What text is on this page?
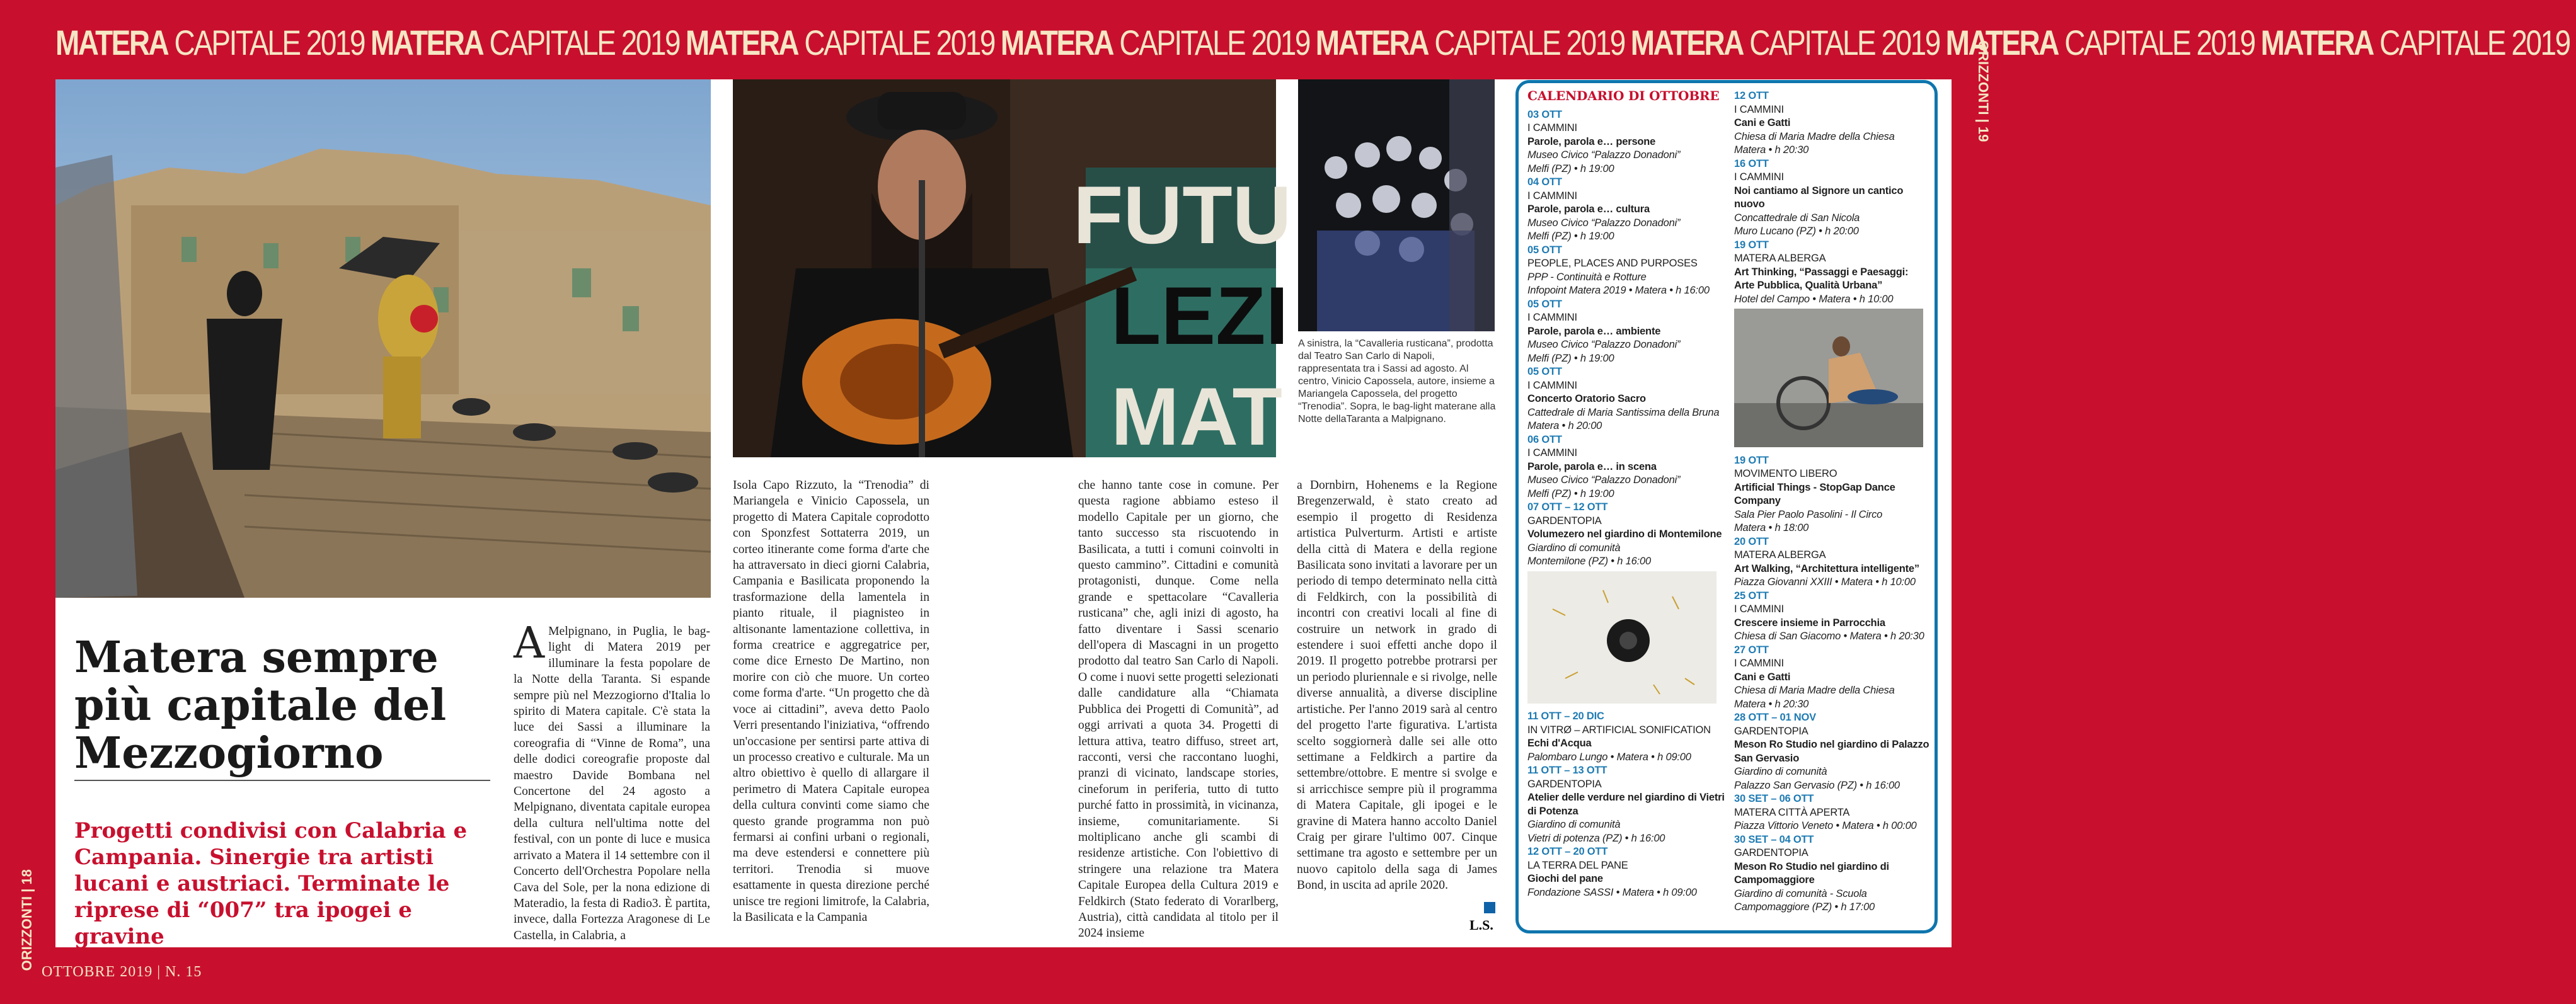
MATERA CAPITALE 2019 MATERA CAPITALE 2019 MATERA CAPITALE 2019 MATERA CAPITALE 2019 MATERA CAPITALE 2019 MATERA CAPITALE 2019 MATERA CAPITALE 2019 MATERA CAPITALE 2019
ORIZZONTI | 18
ORIZZONTI | 19
OTTOBRE 2019 | N. 15
FUTU
LEZI
MAT
A sinistra, la “Cavalleria rusticana”, prodotta dal Teatro San Carlo di Napoli, rappresentata tra i Sassi ad agosto. Al centro, Vinicio Capossela, autore, insieme a Mariangela Capossela, del progetto “Trenodia”. Sopra, le bag-light materane alla Notte dellaTaranta a Malpignano.
Matera sempre più capitale del Mezzogiorno
Progetti condivisi con Calabria e Campania. Sinergie tra artisti lucani e austriaci. Terminate le riprese di “007” tra ipogei e gravine
A Melpignano, in Puglia, le bag-light di Matera 2019 per illuminare la festa popolare de la Notte della Taranta. Si espande sempre più nel Mezzogiorno d'Italia lo spirito di Matera capitale. C'è stata la luce dei Sassi a illuminare la coreografia di “Vinne de Roma”, una delle dodici coreografie proposte dal maestro Davide Bombana nel Concertone del 24 agosto a Melpignano, diventata capitale europea della cultura nell'ultima notte del festival, con un ponte di luce e musica arrivato a Matera il 14 settembre con il Concerto dell'Orchestra Popolare nella Cava del Sole, per la nona edizione di Materadio, la festa di Radio3. È partita, invece, dalla Fortezza Aragonese di Le Castella, in Calabria, a
Isola Capo Rizzuto, la “Trenodia” di Mariangela e Vinicio Capossela, un progetto di Matera Capitale coprodotto con Sponzfest Sottaterra 2019, un corteo itinerante come forma d'arte che ha attraversato in dieci giorni Calabria, Campania e Basilicata proponendo la trasformazione della lamentela in pianto rituale, il piagnisteo in altisonante lamentazione collettiva, in forma creatrice e aggregatrice per, come dice Ernesto De Martino, non morire con ciò che muore. Un corteo come forma d'arte. “Un progetto che dà voce ai cittadini”, aveva detto Paolo Verri presentando l'iniziativa, “offrendo un'occasione per sentirsi parte attiva di un processo creativo e culturale. Ma un altro obiettivo è quello di allargare il perimetro di Matera Capitale europea della cultura convinti come siamo che questo grande programma non può fermarsi ai confini urbani o regionali, ma deve estendersi e connettere più territori. Trenodia si muove esattamente in questa direzione perché unisce tre regioni limitrofe, la Calabria, la Basilicata e la Campania
che hanno tante cose in comune. Per questa ragione abbiamo esteso il modello Capitale per un giorno, che tanto successo sta riscuotendo in Basilicata, a tutti i comuni coinvolti in questo cammino”. Cittadini e comunità protagonisti, dunque. Come nella grande e spettacolare “Cavalleria rusticana” che, agli inizi di agosto, ha fatto diventare i Sassi scenario dell'opera di Mascagni in un progetto prodotto dal teatro San Carlo di Napoli. O come i nuovi sette progetti selezionati dalle candidature alla “Chiamata Pubblica dei Progetti di Comunità”, ad oggi arrivati a quota 34. Progetti di lettura attiva, teatro diffuso, street art, racconti, versi che raccontano luoghi, pranzi di vicinato, landscape stories, cineforum in periferia, tutto di tutto purché fatto in prossimità, in vicinanza, insieme, comunitariamente. Si moltiplicano anche gli scambi di residenze artistiche. Con l'obiettivo di stringere una relazione tra Matera Capitale Europea della Cultura 2019 e Feldkirch (Stato federato di Vorarlberg, Austria), città candidata al titolo per il 2024 insieme
a Dornbirn, Hohenems e la Regione Bregenzerwald, è stato creato ad esempio il progetto di Residenza artistica Pulverturm. Artisti e artiste della città di Matera e della regione Basilicata sono invitati a lavorare per un periodo di tempo determinato nella città di Feldkirch, con la possibilità di incontri con creativi locali al fine di costruire un network in grado di estendere i suoi effetti anche dopo il 2019. Il progetto potrebbe protrarsi per un periodo pluriennale e si rivolge, nelle diverse annualità, a diverse discipline artistiche. Per l'anno 2019 sarà al centro del progetto l'arte figurativa. L'artista scelto soggiornerà dalle sei alle otto settimane a Feldkirch a partire da settembre/ottobre. E mentre si svolge e si arricchisce sempre più il programma di Matera Capitale, gli ipogei e le gravine di Matera hanno accolto Daniel Craig per girare l'ultimo 007. Cinque settimane tra agosto e settembre per un nuovo capitolo della saga di James Bond, in uscita ad aprile 2020.
L.S.
CALENDARIO DI OTTOBRE
03 OTT
I CAMMINI
Parole, parola e… persone
Museo Civico “Palazzo Donadoni”
Melfi (PZ) • h 19:00
04 OTT
I CAMMINI
Parole, parola e… cultura
Museo Civico “Palazzo Donadoni”
Melfi (PZ) • h 19:00
05 OTT
PEOPLE, PLACES AND PURPOSES
PPP - Continuità e Rotture
Infopoint Matera 2019 • Matera • h 16:00
05 OTT
I CAMMINI
Parole, parola e… ambiente
Museo Civico “Palazzo Donadoni”
Melfi (PZ) • h 19:00
05 OTT
I CAMMINI
Concerto Oratorio Sacro
Cattedrale di Maria Santissima della Bruna
Matera • h 20:00
06 OTT
I CAMMINI
Parole, parola e… in scena
Museo Civico “Palazzo Donadoni”
Melfi (PZ) • h 19:00
07 OTT – 12 OTT
GARDENTOPIA
Volumezero nel giardino di Montemilone
Giardino di comunità
Montemilone (PZ) • h 16:00
11 OTT – 20 DIC
IN VITRØ – ARTIFICIAL SONIFICATION
Echi d'Acqua
Palombaro Lungo • Matera • h 09:00
11 OTT – 13 OTT
GARDENTOPIA
Atelier delle verdure nel giardino di Vietri di Potenza
Giardino di comunità
Vietri di potenza (PZ) • h 16:00
12 OTT – 20 OTT
LA TERRA DEL PANE
Giochi del pane
Fondazione SASSI • Matera • h 09:00
12 OTT
I CAMMINI
Cani e Gatti
Chiesa di Maria Madre della Chiesa
Matera • h 20:30
16 OTT
I CAMMINI
Noi cantiamo al Signore un cantico nuovo
Concattedrale di San Nicola
Muro Lucano (PZ) • h 20:00
19 OTT
MATERA ALBERGA
Art Thinking, “Passaggi e Paesaggi: Arte Pubblica, Qualità Urbana”
Hotel del Campo • Matera • h 10:00
19 OTT
MOVIMENTO LIBERO
Artificial Things - StopGap Dance Company
Sala Pier Paolo Pasolini - Il Circo
Matera • h 18:00
20 OTT
MATERA ALBERGA
Art Walking, “Architettura intelligente”
Piazza Giovanni XXIII • Matera • h 10:00
25 OTT
I CAMMINI
Crescere insieme in Parrocchia
Chiesa di San Giacomo • Matera • h 20:30
27 OTT
I CAMMINI
Cani e Gatti
Chiesa di Maria Madre della Chiesa
Matera • h 20:30
28 OTT – 01 NOV
GARDENTOPIA
Meson Ro Studio nel giardino di Palazzo San Gervasio
Giardino di comunità
Palazzo San Gervasio (PZ) • h 16:00
30 SET – 06 OTT
MATERA CITTÀ APERTA
Piazza Vittorio Veneto • Matera • h 00:00
30 SET – 04 OTT
GARDENTOPIA
Meson Ro Studio nel giardino di Campomaggiore
Giardino di comunità - Scuola
Campomaggiore (PZ) • h 17:00
